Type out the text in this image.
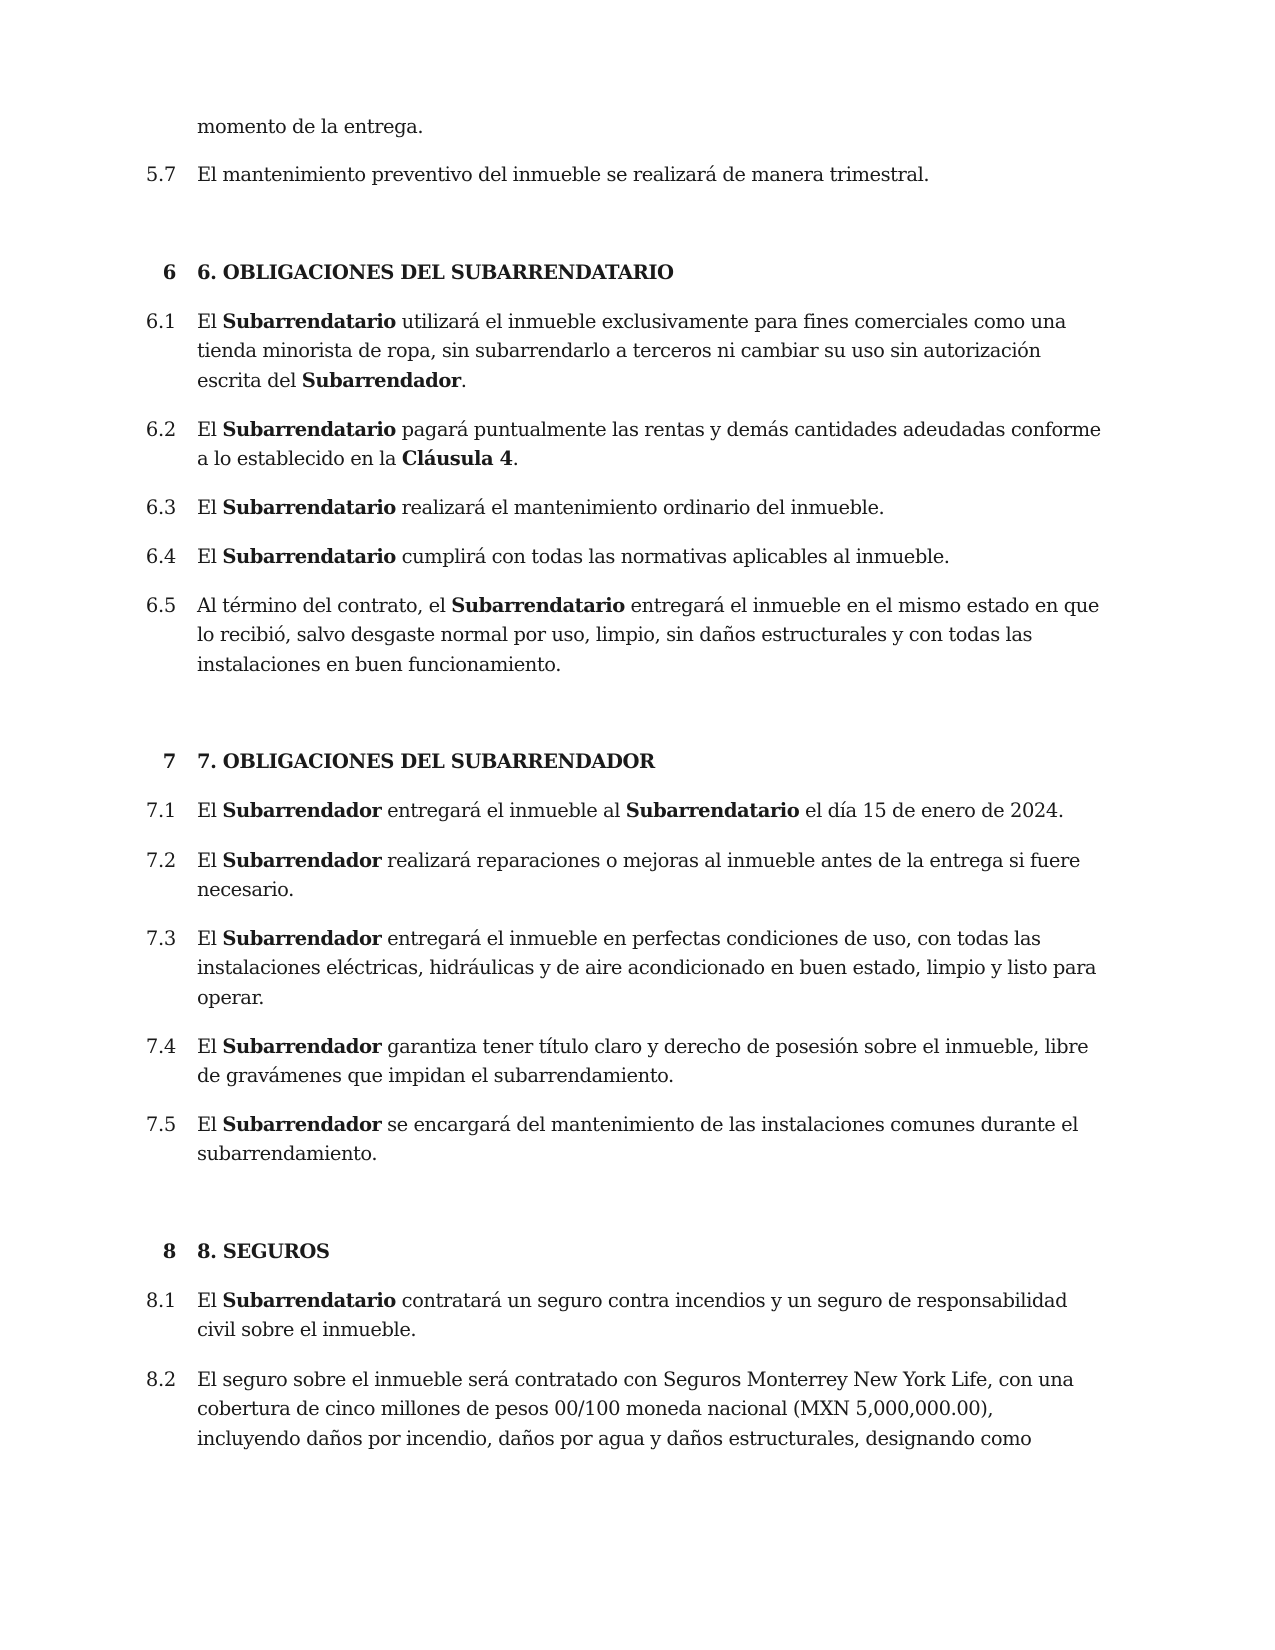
momento de la entrega.
5.7 El mantenimiento preventivo del inmueble se realizará de manera trimestral.
6 6. OBLIGACIONES DEL SUBARRENDATARIO
6.1 El Subarrendatario utilizará el inmueble exclusivamente para fines comerciales como una
tienda minorista de ropa, sin subarrendarlo a terceros ni cambiar su uso sin autorización
escrita del Subarrendador.
6.2 El Subarrendatario pagará puntualmente las rentas y demás cantidades adeudadas conforme
a lo establecido en la Cláusula 4.
6.3 El Subarrendatario realizará el mantenimiento ordinario del inmueble.
6.4 El Subarrendatario cumplirá con todas las normativas aplicables al inmueble.
6.5 Al término del contrato, el Subarrendatario entregará el inmueble en el mismo estado en que
lo recibió, salvo desgaste normal por uso, limpio, sin daños estructurales y con todas las
instalaciones en buen funcionamiento.
7 7. OBLIGACIONES DEL SUBARRENDADOR
7.1 El Subarrendador entregará el inmueble al Subarrendatario el día 15 de enero de 2024.
7.2 El Subarrendador realizará reparaciones o mejoras al inmueble antes de la entrega si fuere
necesario.
7.3 El Subarrendador entregará el inmueble en perfectas condiciones de uso, con todas las
instalaciones eléctricas, hidráulicas y de aire acondicionado en buen estado, limpio y listo para
operar.
7.4 El Subarrendador garantiza tener título claro y derecho de posesión sobre el inmueble, libre
de gravámenes que impidan el subarrendamiento.
7.5 El Subarrendador se encargará del mantenimiento de las instalaciones comunes durante el
subarrendamiento.
8 8. SEGUROS
8.1 El Subarrendatario contratará un seguro contra incendios y un seguro de responsabilidad
civil sobre el inmueble.
8.2 El seguro sobre el inmueble será contratado con Seguros Monterrey New York Life, con una
cobertura de cinco millones de pesos 00/100 moneda nacional (MXN 5,000,000.00),
incluyendo daños por incendio, daños por agua y daños estructurales, designando como
